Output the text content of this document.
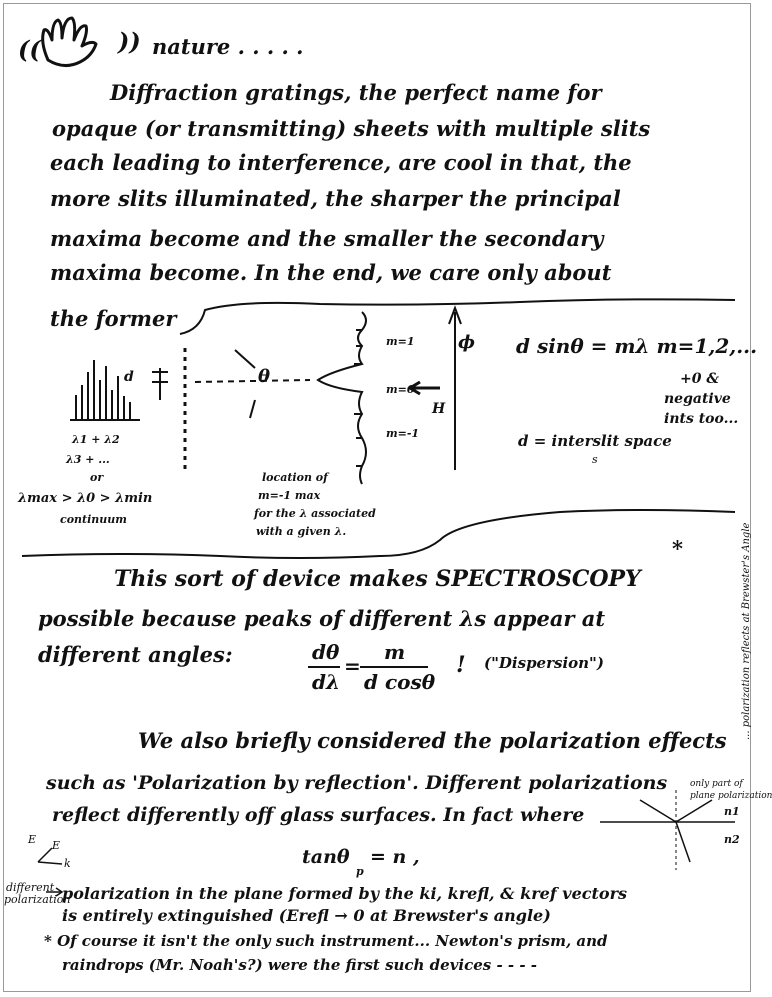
((	)) nature . . . . .
Diffraction gratings, the perfect name for
opaque (or transmitting) sheets with multiple slits
each leading to interference, are cool in that, the
more slits illuminated, the sharper the principal
maxima become and the smaller the secondary
maxima become. In the end, we care only about
the former
d	θ
m=1
m=0
m=-1
ϕ
H
d sinθ = mλ m=1,2,...
+0 &
negative
ints too...
d = interslit space
s
λ1 + λ2
λ3 + ...
or
λmax > λ0 > λmin
continuum
location of
m=-1 max
for the λ associated
with a given λ.
This sort of device makes SPECTROSCOPY
*
possible because peaks of different λs appear at
different angles:	dθ
dλ
=
m
d cosθ
! ("Dispersion")
We also briefly considered the polarization effects
such as 'Polarization by reflection'. Different polarizations
reflect differently off glass surfaces. In fact where
tanθ
p
= n ,
polarization in the plane formed by the ki, krefl, & kref vectors
is entirely extinguished (Erefl → 0 at Brewster's angle)
different
polarization
E E
k
only part of
plane polarization
n1
n2
... polarization reflects at Brewster's Angle
* Of course it isn't the only such instrument... Newton's prism, and
raindrops (Mr. Noah's?) were the first such devices - - - -
